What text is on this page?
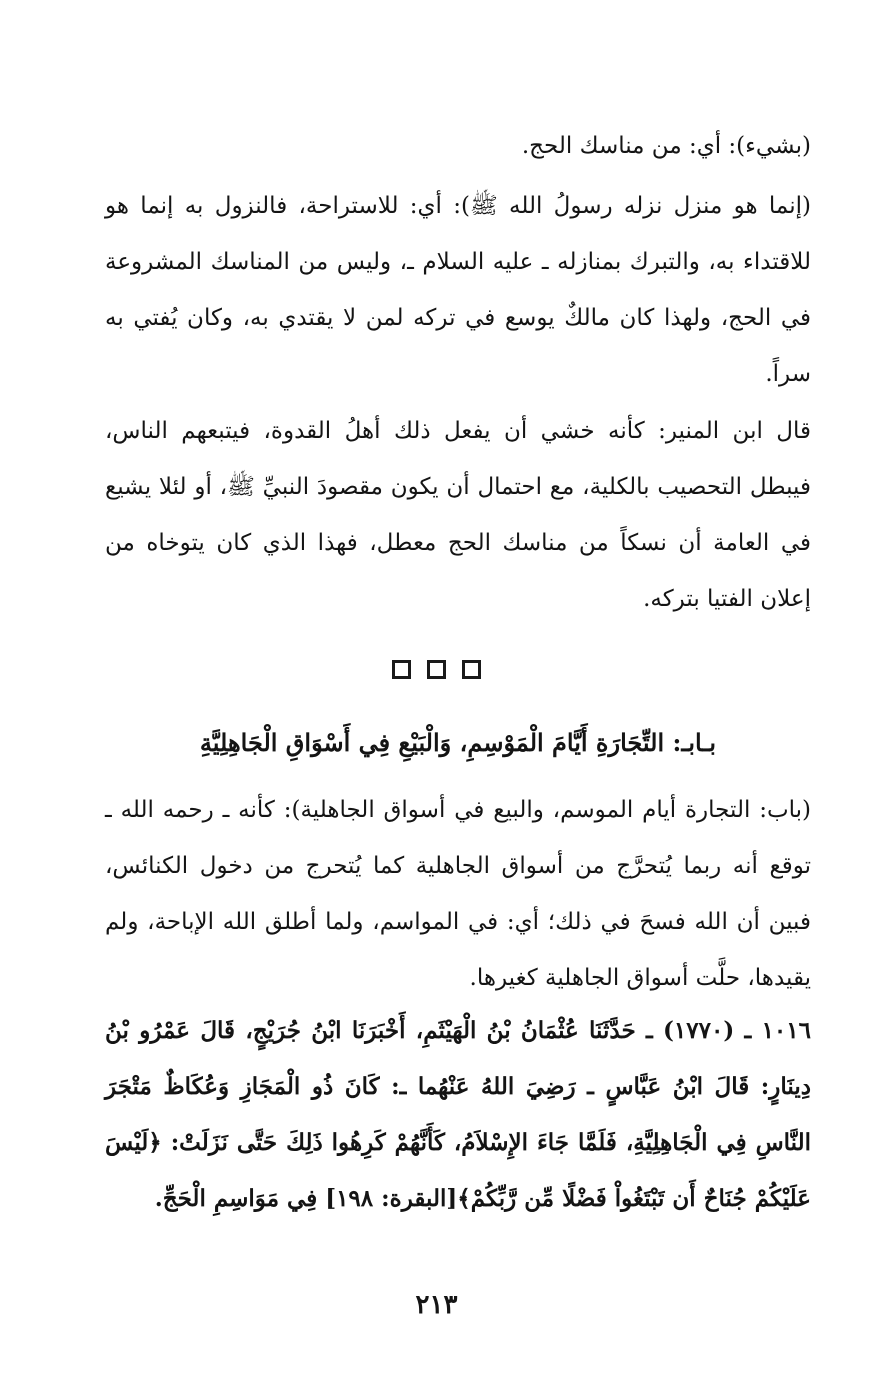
(بشيء): أي: من مناسك الحج.

(إنما هو منزل نزله رسولُ الله ﷺ): أي: للاستراحة، فالنزول به إنما هو للاقتداء به، والتبرك بمنازله ـ عليه السلام ـ، وليس من المناسك المشروعة في الحج، ولهذا كان مالكٌ يوسع في تركه لمن لا يقتدي به، وكان يُفتي به سراً.

قال ابن المنير: كأنه خشي أن يفعل ذلك أهلُ القدوة، فيتبعهم الناس، فيبطل التحصيب بالكلية، مع احتمال أن يكون مقصودَ النبيِّ ﷺ، أو لئلا يشيع في العامة أن نسكاً من مناسك الحج معطل، فهذا الذي كان يتوخاه من إعلان الفتيا بتركه.

بـابـ: التِّجَارَةِ أَيَّامَ الْمَوْسِمِ، وَالْبَيْعِ فِي أَسْوَاقِ الْجَاهِلِيَّةِ

(باب: التجارة أيام الموسم، والبيع في أسواق الجاهلية): كأنه ـ رحمه الله ـ توقع أنه ربما يُتحرَّج من أسواق الجاهلية كما يُتحرج من دخول الكنائس، فبين أن الله فسحَ في ذلك؛ أي: في المواسم، ولما أطلق الله الإباحة، ولم يقيدها، حلَّت أسواق الجاهلية كغيرها.

١٠١٦ ـ (١٧٧٠) ـ حَدَّثَنَا عُثْمَانُ بْنُ الْهَيْثَمِ، أَخْبَرَنَا ابْنُ جُرَيْجٍ، قَالَ عَمْرُو بْنُ دِينَارٍ: قَالَ ابْنُ عَبَّاسٍ ـ رَضِيَ اللهُ عَنْهُما ـ: كَانَ ذُو الْمَجَازِ وَعُكَاظٌ مَتْجَرَ النَّاسِ فِي الْجَاهِلِيَّةِ، فَلَمَّا جَاءَ الإِسْلاَمُ، كَأَنَّهُمْ كَرِهُوا ذَلِكَ حَتَّى نَزَلَتْ: ﴿لَيْسَ عَلَيْكُمْ جُنَاحٌ أَن تَبْتَغُواْ فَضْلًا مِّن رَّبِّكُمْ﴾[البقرة: ١٩٨] فِي مَوَاسِمِ الْحَجِّ.

٢١٣
